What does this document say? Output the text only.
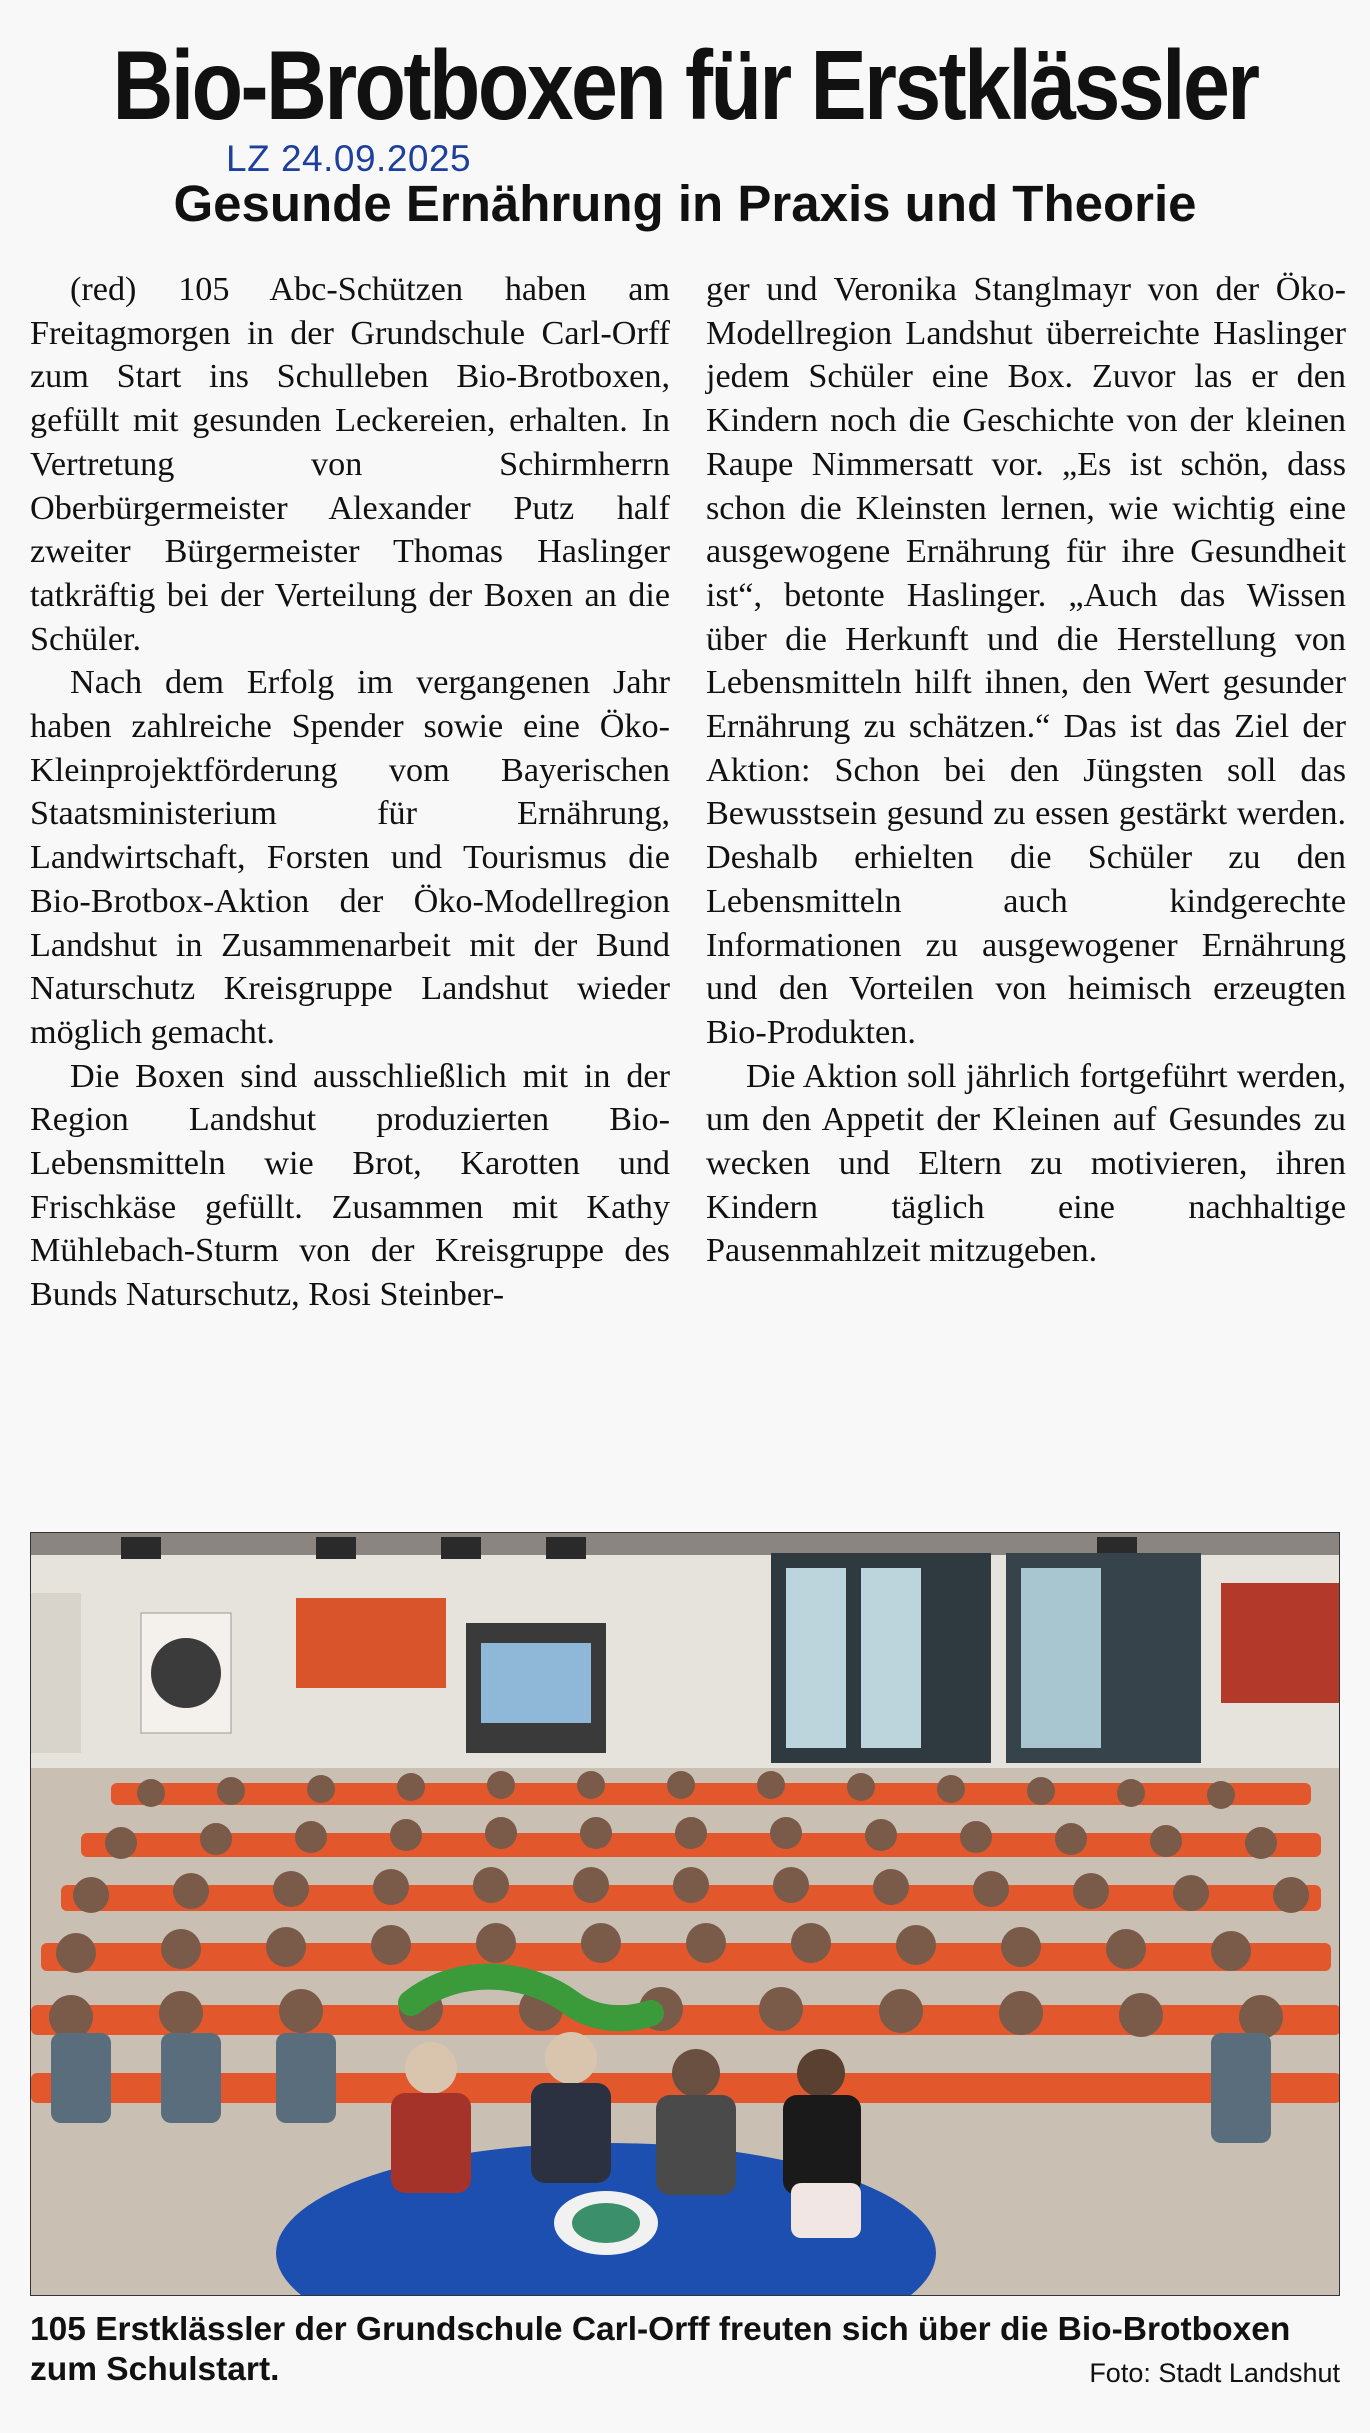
Bio-Brotboxen für Erstklässler
LZ 24.09.2025
Gesunde Ernährung in Praxis und Theorie

(red) 105 Abc-Schützen haben am Freitagmorgen in der Grundschule Carl-Orff zum Start ins Schulleben Bio-Brotboxen, gefüllt mit gesunden Leckereien, erhalten. In Vertretung von Schirmherrn Oberbürgermeister Alexander Putz half zweiter Bürgermeister Thomas Haslinger tatkräftig bei der Verteilung der Boxen an die Schüler.

Nach dem Erfolg im vergangenen Jahr haben zahlreiche Spender sowie eine Öko-Kleinprojektförderung vom Bayerischen Staatsministerium für Ernährung, Landwirtschaft, Forsten und Tourismus die Bio-Brotbox-Aktion der Öko-Modellregion Landshut in Zusammenarbeit mit der Bund Naturschutz Kreisgruppe Landshut wieder möglich gemacht.

Die Boxen sind ausschließlich mit in der Region Landshut produzierten Bio-Lebensmitteln wie Brot, Karotten und Frischkäse gefüllt. Zusammen mit Kathy Mühlebach-Sturm von der Kreisgruppe des Bunds Naturschutz, Rosi Steinber-

ger und Veronika Stanglmayr von der Öko-Modellregion Landshut überreichte Haslinger jedem Schüler eine Box. Zuvor las er den Kindern noch die Geschichte von der kleinen Raupe Nimmersatt vor. „Es ist schön, dass schon die Kleinsten lernen, wie wichtig eine ausgewogene Ernährung für ihre Gesundheit ist“, betonte Haslinger. „Auch das Wissen über die Herkunft und die Herstellung von Lebensmitteln hilft ihnen, den Wert gesunder Ernährung zu schätzen.“ Das ist das Ziel der Aktion: Schon bei den Jüngsten soll das Bewusstsein gesund zu essen gestärkt werden. Deshalb erhielten die Schüler zu den Lebensmitteln auch kindgerechte Informationen zu ausgewogener Ernährung und den Vorteilen von heimisch erzeugten Bio-Produkten.

Die Aktion soll jährlich fortgeführt werden, um den Appetit der Kleinen auf Gesundes zu wecken und Eltern zu motivieren, ihren Kindern täglich eine nachhaltige Pausenmahlzeit mitzugeben.

105 Erstklässler der Grundschule Carl-Orff freuten sich über die Bio-Brotboxen zum Schulstart.	Foto: Stadt Landshut
